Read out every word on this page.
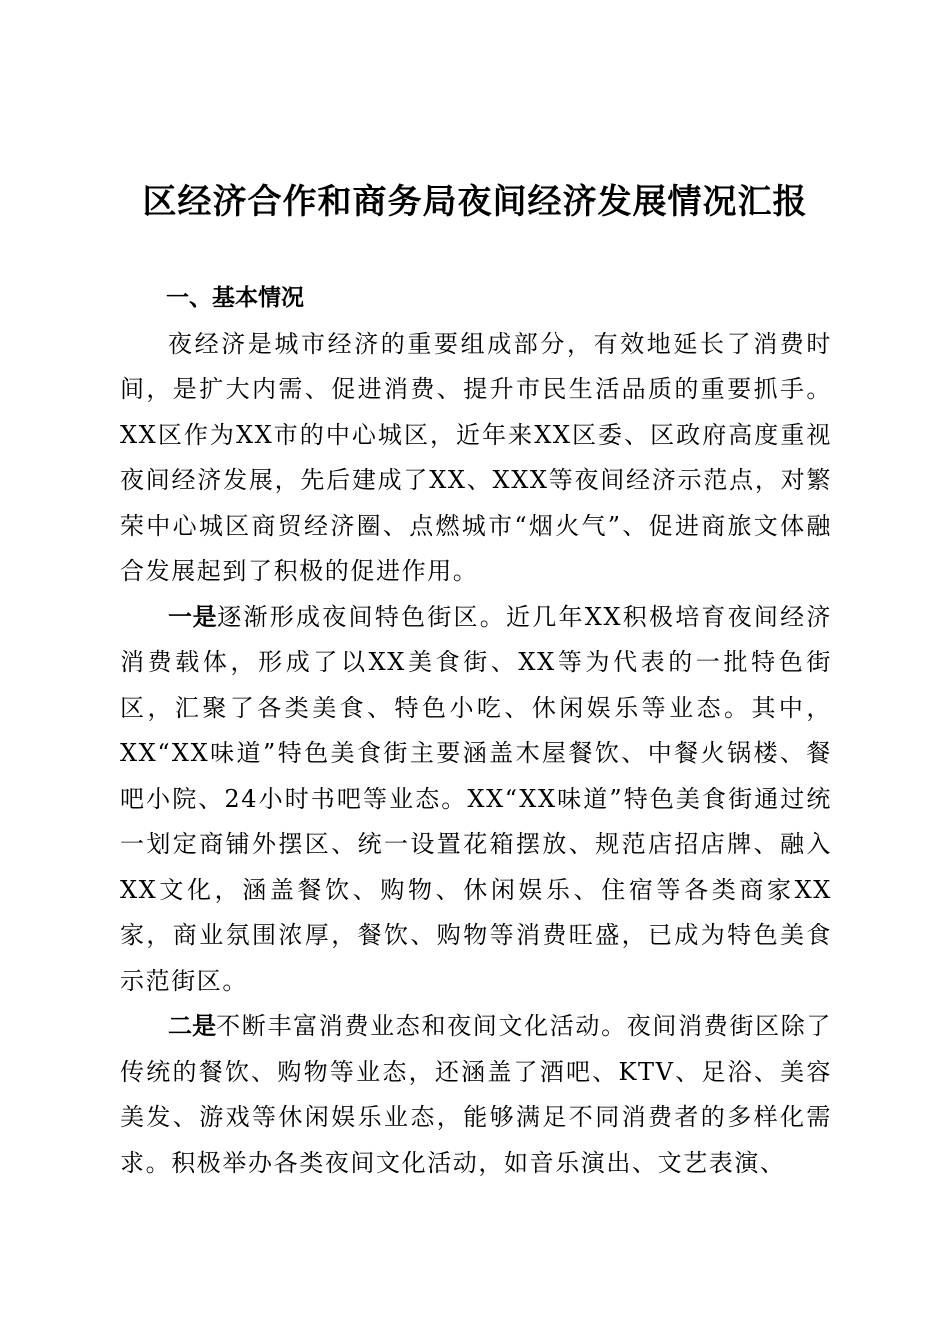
区经济合作和商务局夜间经济发展情况汇报

一、基本情况

夜经济是城市经济的重要组成部分，有效地延长了消费时间，是扩大内需、促进消费、提升市民生活品质的重要抓手。XX区作为XX市的中心城区，近年来XX区委、区政府高度重视夜间经济发展，先后建成了XX、XXX等夜间经济示范点，对繁荣中心城区商贸经济圈、点燃城市“烟火气”、促进商旅文体融合发展起到了积极的促进作用。

一是逐渐形成夜间特色街区。近几年XX积极培育夜间经济消费载体，形成了以XX美食街、XX等为代表的一批特色街区，汇聚了各类美食、特色小吃、休闲娱乐等业态。其中，XX“XX味道”特色美食街主要涵盖木屋餐饮、中餐火锅楼、餐吧小院、24小时书吧等业态。XX“XX味道”特色美食街通过统一划定商铺外摆区、统一设置花箱摆放、规范店招店牌、融入XX文化，涵盖餐饮、购物、休闲娱乐、住宿等各类商家XX家，商业氛围浓厚，餐饮、购物等消费旺盛，已成为特色美食示范街区。

二是不断丰富消费业态和夜间文化活动。夜间消费街区除了传统的餐饮、购物等业态，还涵盖了酒吧、KTV、足浴、美容美发、游戏等休闲娱乐业态，能够满足不同消费者的多样化需求。积极举办各类夜间文化活动，如音乐演出、文艺表演、
